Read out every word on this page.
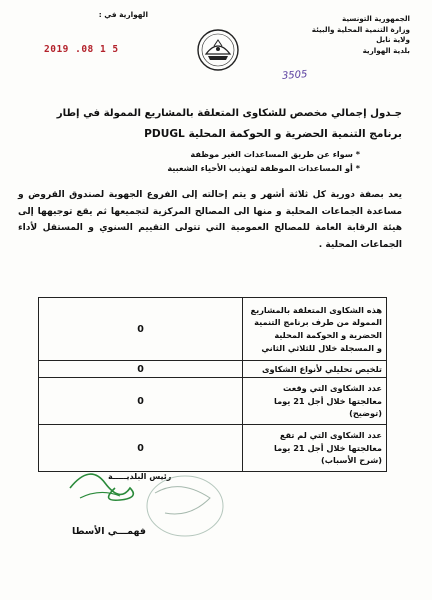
الجمهورية التونسية
وزارة التنمية المحلية والبيئة
ولاية نابل
بلدية الهوارية
الهوارية في :
2019 .08 1 5
3505
جـدول إجمالي مخصص للشكاوى المتعلقة بالمشاريع الممولة في إطار
برنامج التنمية الحضرية و الحوكمة المحلية PDUGL
* سواء عن طريق المساعدات الغير موظفة
* أو المساعدات الموظفة لتهذيب الأحياء الشعبية
يعد بصفة دورية كل ثلاثة أشهر و يتم إحالته إلى الفروع الجهوية لصندوق القروض و مساعدة الجماعات المحلية و منها الى المصالح المركزية لتجميعها ثم يقع توجيهها إلى هيئة الرقابة العامة للمصالح العمومية التي تتولى التقييم السنوي و المستقل لأداء الجماعات المحلية .
هذه الشكاوى المتعلقة بالمشاريع
الممولة من طرف برنامج التنمية
الحضرية و الحوكمة المحلية
و المسجلة خلال للثلاثي الثاني	0

تلخيص تحليلي لأنواع الشكاوى	0

عدد الشكاوى التي وقعت
معالجتها خلال أجل 21 يوما
(توضيح)	0

عدد الشكاوى التي لم تقع
معالجتها خلال أجل 21 يوما
(شرح الأسباب)	0
رئيس البلديـــــة
فهمـــي الأسطا
